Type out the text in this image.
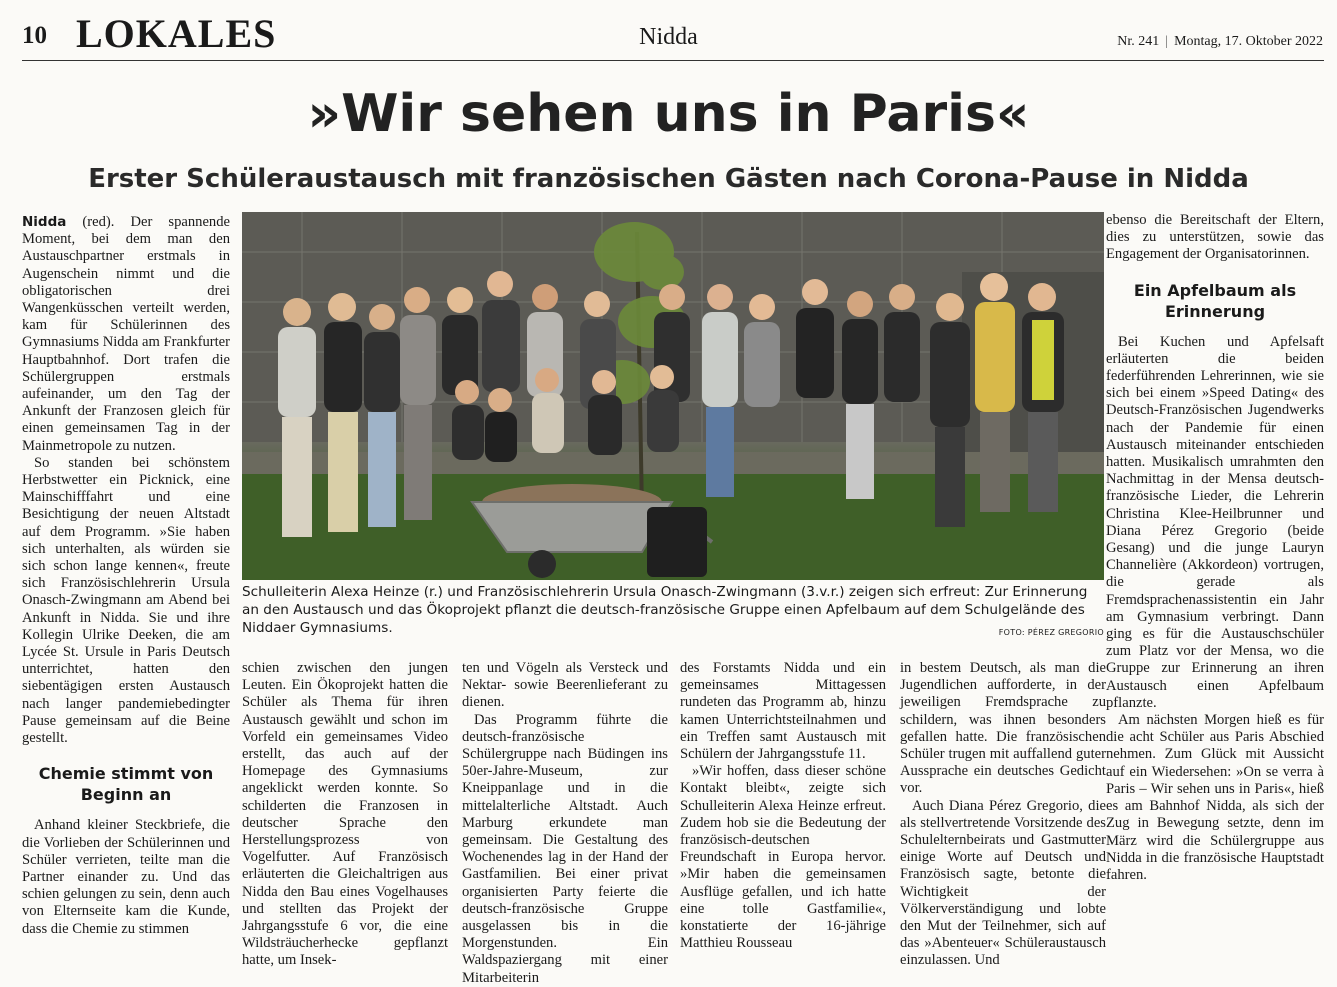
10 LOKALES	Nidda	Nr. 241 | Montag, 17. Oktober 2022
»Wir sehen uns in Paris«
Erster Schüleraustausch mit französischen Gästen nach Corona-Pause in Nidda

Nidda (red). Der spannende Moment, bei dem man den Austauschpartner erstmals in Augenschein nimmt und die obligatorischen drei Wangenküsschen verteilt werden, kam für Schülerinnen des Gymnasiums Nidda am Frankfurter Hauptbahnhof. Dort trafen die Schülergruppen erstmals aufeinander, um den Tag der Ankunft der Franzosen gleich für einen gemeinsamen Tag in der Mainmetropole zu nutzen.

So standen bei schönstem Herbstwetter ein Picknick, eine Mainschifffahrt und eine Besichtigung der neuen Altstadt auf dem Programm. »Sie haben sich unterhalten, als würden sie sich schon lange kennen«, freute sich Französischlehrerin Ursula Onasch-Zwingmann am Abend bei Ankunft in Nidda. Sie und ihre Kollegin Ulrike Deeken, die am Lycée St. Ursule in Paris Deutsch unterrichtet, hatten den siebentägigen ersten Austausch nach langer pandemiebedingter Pause gemeinsam auf die Beine gestellt.

Chemie stimmt von Beginn an

Anhand kleiner Steckbriefe, die die Vorlieben der Schülerinnen und Schüler verrieten, teilte man die Partner einander zu. Und das schien gelungen zu sein, denn auch von Elternseite kam die Kunde, dass die Chemie zu stimmen

Schulleiterin Alexa Heinze (r.) und Französischlehrerin Ursula Onasch-Zwingmann (3.v.r.) zeigen sich erfreut: Zur Erinnerung an den Austausch und das Ökoprojekt pflanzt die deutsch-französische Gruppe einen Apfelbaum auf dem Schulgelände des Niddaer Gymnasiums.	FOTO: PÉREZ GREGORIO

schien zwischen den jungen Leuten. Ein Ökoprojekt hatten die Schüler als Thema für ihren Austausch gewählt und schon im Vorfeld ein gemeinsames Video erstellt, das auch auf der Homepage des Gymnasiums angeklickt werden konnte. So schilderten die Franzosen in deutscher Sprache den Herstellungsprozess von Vogelfutter. Auf Französisch erläuterten die Gleichaltrigen aus Nidda den Bau eines Vogelhauses und stellten das Projekt der Jahrgangsstufe 6 vor, die eine Wildsträucherhecke gepflanzt hatte, um Insek-

ten und Vögeln als Versteck und Nektar- sowie Beerenlieferant zu dienen.

Das Programm führte die deutsch-französische Schülergruppe nach Büdingen ins 50er-Jahre-Museum, zur Kneippanlage und in die mittelalterliche Altstadt. Auch Marburg erkundete man gemeinsam. Die Gestaltung des Wochenendes lag in der Hand der Gastfamilien. Bei einer privat organisierten Party feierte die deutsch-französische Gruppe ausgelassen bis in die Morgenstunden. Ein Waldspaziergang mit einer Mitarbeiterin

des Forstamts Nidda und ein gemeinsames Mittagessen rundeten das Programm ab, hinzu kamen Unterrichtsteilnahmen und ein Treffen samt Austausch mit Schülern der Jahrgangsstufe 11.

»Wir hoffen, dass dieser schöne Kontakt bleibt«, zeigte sich Schulleiterin Alexa Heinze erfreut. Zudem hob sie die Bedeutung der französisch-deutschen Freundschaft in Europa hervor. »Mir haben die gemeinsamen Ausflüge gefallen, und ich hatte eine tolle Gastfamilie«, konstatierte der 16-jährige Matthieu Rousseau

in bestem Deutsch, als man die Jugendlichen aufforderte, in der jeweiligen Fremdsprache zu schildern, was ihnen besonders gefallen hatte. Die französischen Schüler trugen mit auffallend guter Aussprache ein deutsches Gedicht vor.

Auch Diana Pérez Gregorio, die als stellvertretende Vorsitzende des Schulelternbeirats und Gastmutter einige Worte auf Deutsch und Französisch sagte, betonte die Wichtigkeit der Völkerverständigung und lobte den Mut der Teilnehmer, sich auf das »Abenteuer« Schüleraustausch einzulassen. Und

ebenso die Bereitschaft der Eltern, dies zu unterstützen, sowie das Engagement der Organisatorinnen.

Ein Apfelbaum als Erinnerung

Bei Kuchen und Apfelsaft erläuterten die beiden federführenden Lehrerinnen, wie sie sich bei einem »Speed Dating« des Deutsch-Französischen Jugendwerks nach der Pandemie für einen Austausch miteinander entschieden hatten. Musikalisch umrahmten den Nachmittag in der Mensa deutsch-französische Lieder, die Lehrerin Christina Klee-Heilbrunner und Diana Pérez Gregorio (beide Gesang) und die junge Lauryn Channelière (Akkordeon) vortrugen, die gerade als Fremdsprachenassistentin ein Jahr am Gymnasium verbringt. Dann ging es für die Austauschschüler zum Platz vor der Mensa, wo die Gruppe zur Erinnerung an ihren Austausch einen Apfelbaum pflanzte.

Am nächsten Morgen hieß es für die acht Schüler aus Paris Abschied nehmen. Zum Glück mit Aussicht auf ein Wiedersehen: »On se verra à Paris – Wir sehen uns in Paris«, hieß es am Bahnhof Nidda, als sich der Zug in Bewegung setzte, denn im März wird die Schülergruppe aus Nidda in die französische Hauptstadt fahren.
